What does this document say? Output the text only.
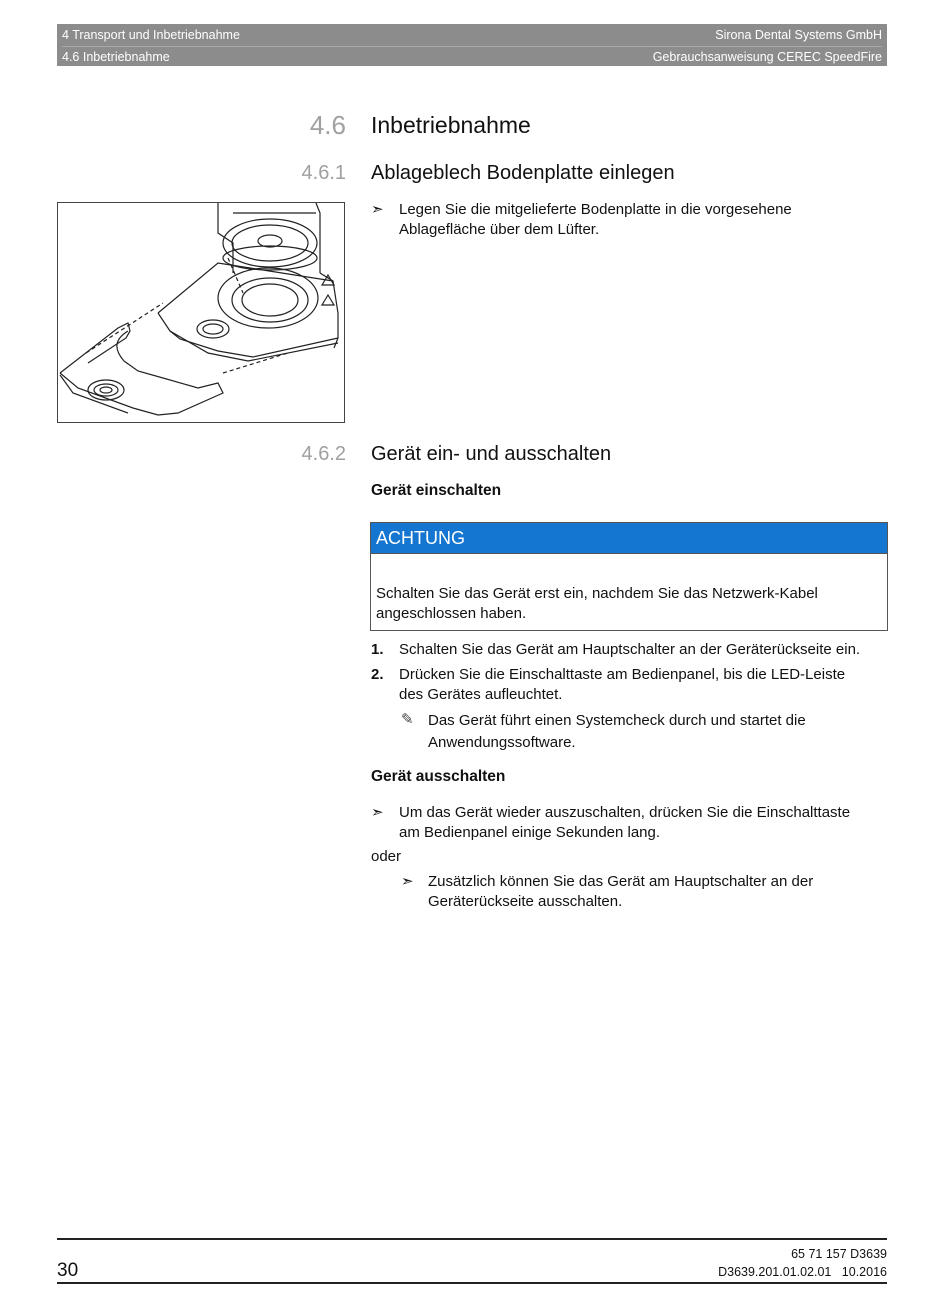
4 Transport und Inbetriebnahme	Sirona Dental Systems GmbH
4.6 Inbetriebnahme	Gebrauchsanweisung CEREC SpeedFire
4.6 Inbetriebnahme
4.6.1 Ablageblech Bodenplatte einlegen
➣ Legen Sie die mitgelieferte Bodenplatte in die vorgesehene
Ablagefläche über dem Lüfter.
4.6.2 Gerät ein- und ausschalten
Gerät einschalten
ACHTUNG
Schalten Sie das Gerät erst ein, nachdem Sie das Netzwerk-Kabel
angeschlossen haben.
1. Schalten Sie das Gerät am Hauptschalter an der Geräterückseite ein.
2. Drücken Sie die Einschalttaste am Bedienpanel, bis die LED-Leiste
des Gerätes aufleuchtet.
✎ Das Gerät führt einen Systemcheck durch und startet die
Anwendungssoftware.
Gerät ausschalten
➣ Um das Gerät wieder auszuschalten, drücken Sie die Einschalttaste
am Bedienpanel einige Sekunden lang.
oder
➣ Zusätzlich können Sie das Gerät am Hauptschalter an der
Geräterückseite ausschalten.
30
65 71 157 D3639
D3639.201.01.02.01   10.2016
